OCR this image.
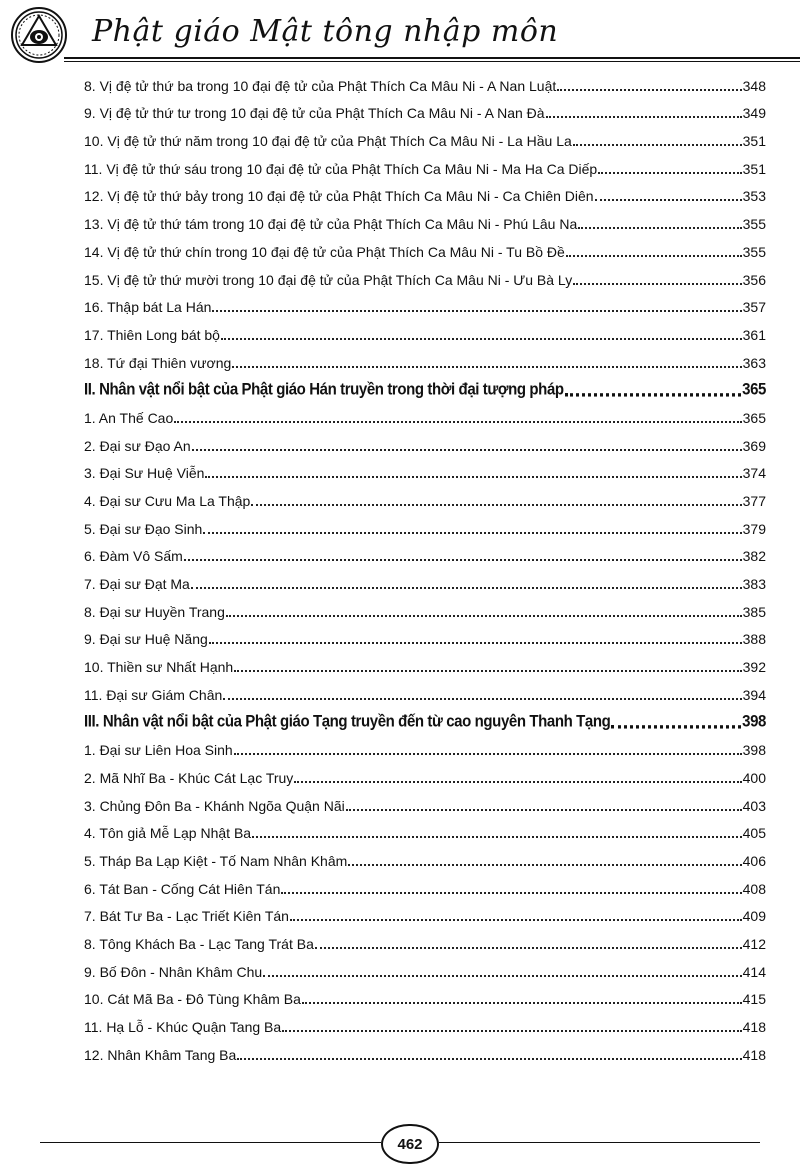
Phật giáo Mật tông nhập môn
8. Vị đệ tử thứ ba trong 10 đại đệ tử của Phật Thích Ca Mâu Ni - A Nan Luật	348
9. Vị đệ tử thứ tư trong 10 đại đệ tử của Phật Thích Ca Mâu Ni - A Nan Đà	349
10. Vị đệ tử thứ năm trong 10 đại đệ tử của Phật Thích Ca Mâu Ni - La Hầu La	351
11. Vị đệ tử thứ sáu trong 10 đại đệ tử của Phật Thích Ca Mâu Ni - Ma Ha Ca Diếp	351
12. Vị đệ tử thứ bảy trong 10 đại đệ tử của Phật Thích Ca Mâu Ni - Ca Chiên Diên	353
13. Vị đệ tử thứ tám trong 10 đại đệ tử của Phật Thích Ca Mâu Ni - Phú Lâu Na	355
14. Vị đệ tử thứ chín trong 10 đại đệ tử của Phật Thích Ca Mâu Ni - Tu Bồ Đề	355
15. Vị đệ tử thứ mười trong 10 đại đệ tử của Phật Thích Ca Mâu Ni - Ưu Bà Ly	356
16. Thập bát La Hán	357
17. Thiên Long bát bộ	361
18. Tứ đại Thiên vương	363
II. Nhân vật nổi bật của Phật giáo Hán truyền trong thời đại tượng pháp	365
1. An Thế Cao	365
2. Đại sư Đạo An	369
3. Đại Sư Huệ Viễn	374
4. Đại sư Cưu Ma La Thập	377
5. Đại sư Đạo Sinh	379
6. Đàm Vô Sấm	382
7. Đại sư Đạt Ma	383
8. Đại sư Huyền Trang	385
9. Đại sư Huệ Năng	388
10. Thiền sư Nhất Hạnh	392
11. Đại sư Giám Chân	394
III. Nhân vật nổi bật của Phật giáo Tạng truyền đến từ cao nguyên Thanh Tạng	398
1. Đại sư Liên Hoa Sinh	398
2. Mã Nhĩ Ba - Khúc Cát Lạc Truy	400
3. Chủng Đôn Ba - Khánh Ngõa Quận Nãi	403
4. Tôn giả Mễ Lạp Nhật Ba	405
5. Tháp Ba Lạp Kiệt - Tố Nam Nhân Khâm	406
6. Tát Ban - Cống Cát Hiên Tán	408
7. Bát Tư Ba - Lạc Triết Kiên Tán	409
8. Tông Khách Ba - Lạc Tang Trát Ba	412
9. Bố Đôn - Nhân Khâm Chu	414
10. Cát Mã Ba - Đô Tùng Khâm Ba	415
11. Hạ Lỗ - Khúc Quận Tang Ba	418
12. Nhân Khâm Tang Ba	418
462
